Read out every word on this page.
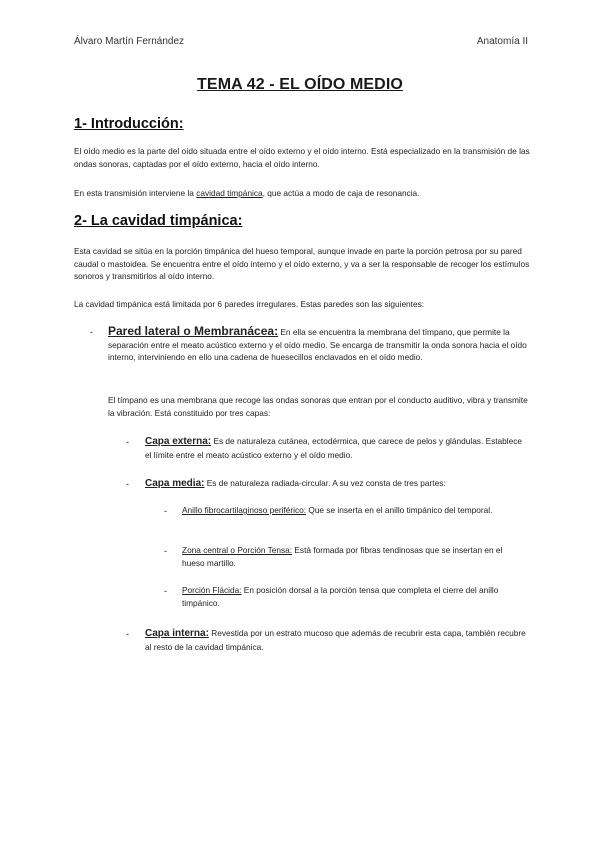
Álvaro Martín Fernández	Anatomía II
TEMA 42 - EL OÍDO MEDIO
1- Introducción:

El oído medio es la parte del oído situada entre el oído externo y el oído interno. Está especializado en la transmisión de las ondas sonoras, captadas por el oído externo, hacia el oído interno.

En esta transmisión interviene la cavidad timpánica, que actúa a modo de caja de resonancia.

2- La cavidad timpánica:

Esta cavidad se sitúa en la porción timpánica del hueso temporal, aunque invade en parte la porción petrosa por su pared caudal o mastoidea. Se encuentra entre el oído interno y el oído externo, y va a ser la responsable de recoger los estímulos sonoros y transmitirlos al oído interno.

La cavidad timpánica está limitada por 6 paredes irregulares. Estas paredes son las siguientes:

- Pared lateral o Membranácea: En ella se encuentra la membrana del tímpano, que permite la separación entre el meato acústico externo y el oído medio. Se encarga de transmitir la onda sonora hacia el oído interno, interviniendo en ello una cadena de huesecillos enclavados en el oído medio.

El tímpano es una membrana que recoge las ondas sonoras que entran por el conducto auditivo, vibra y transmite la vibración. Está constituido por tres capas:

- Capa externa: Es de naturaleza cutánea, ectodérmica, que carece de pelos y glándulas. Establece el límite entre el meato acústico externo y el oído medio.

- Capa media: Es de naturaleza radiada-circular. A su vez consta de tres partes:

- Anillo fibrocartilaginoso periférico: Que se inserta en el anillo timpánico del temporal.

- Zona central o Porción Tensa: Está formada por fibras tendinosas que se insertan en el hueso martillo.

- Porción Flácida: En posición dorsal a la porción tensa que completa el cierre del anillo timpánico.

- Capa interna: Revestida por un estrato mucoso que además de recubrir esta capa, también recubre al resto de la cavidad timpánica.
